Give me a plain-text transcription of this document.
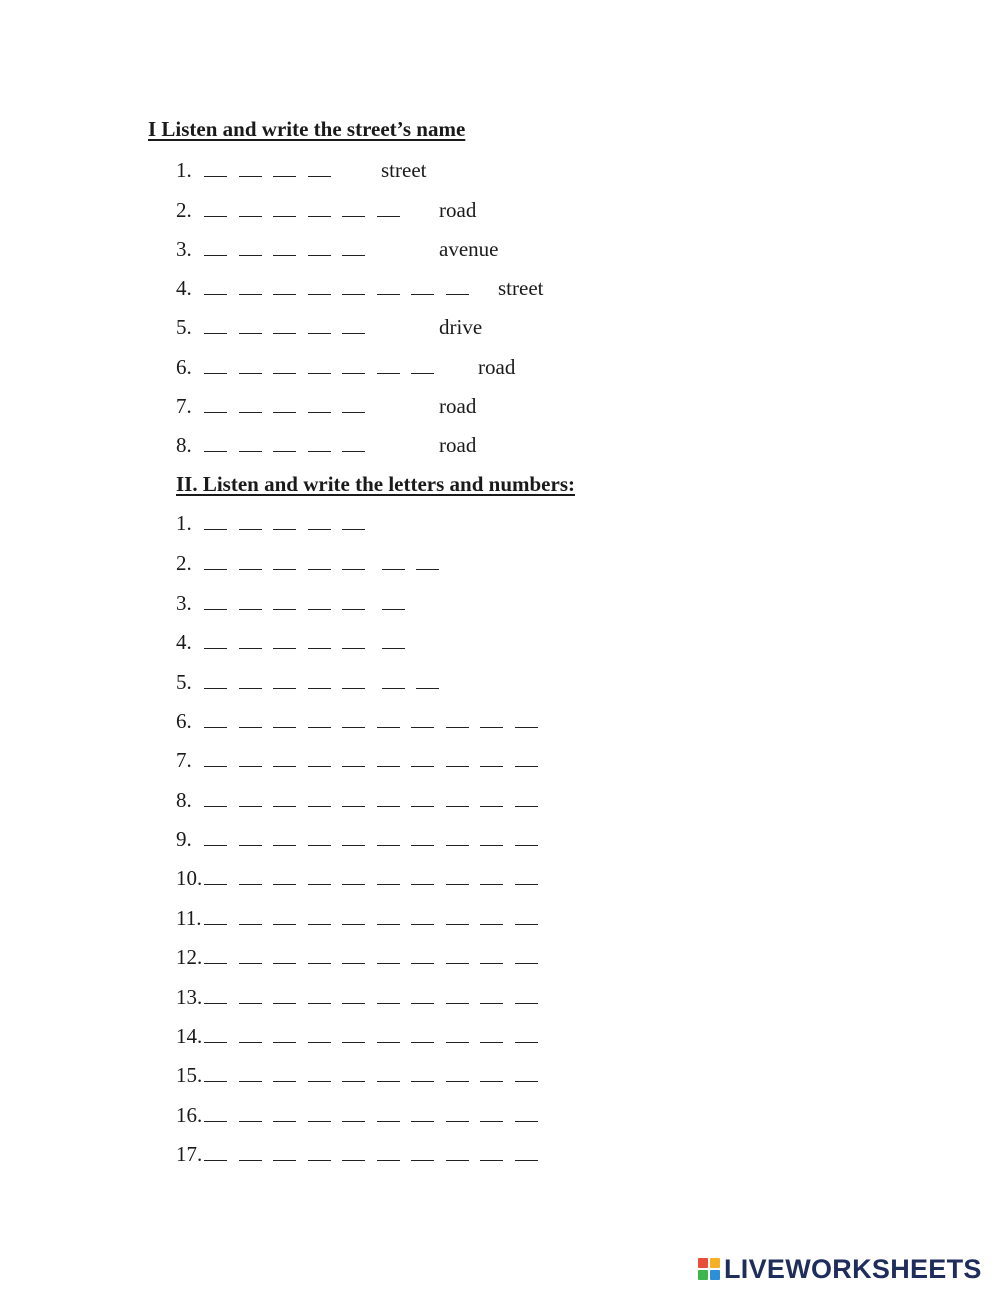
I Listen and write the street’s name
1.	street
2.	road
3.	avenue
4.	street
5.	drive
6.	road
7.	road
8.	road
II. Listen and write the letters and numbers:
1.
2.
3.
4.
5.
6.
7.
8.
9.
10.
11.
12.
13.
14.
15.
16.
17.
LIVEWORKSHEETS
